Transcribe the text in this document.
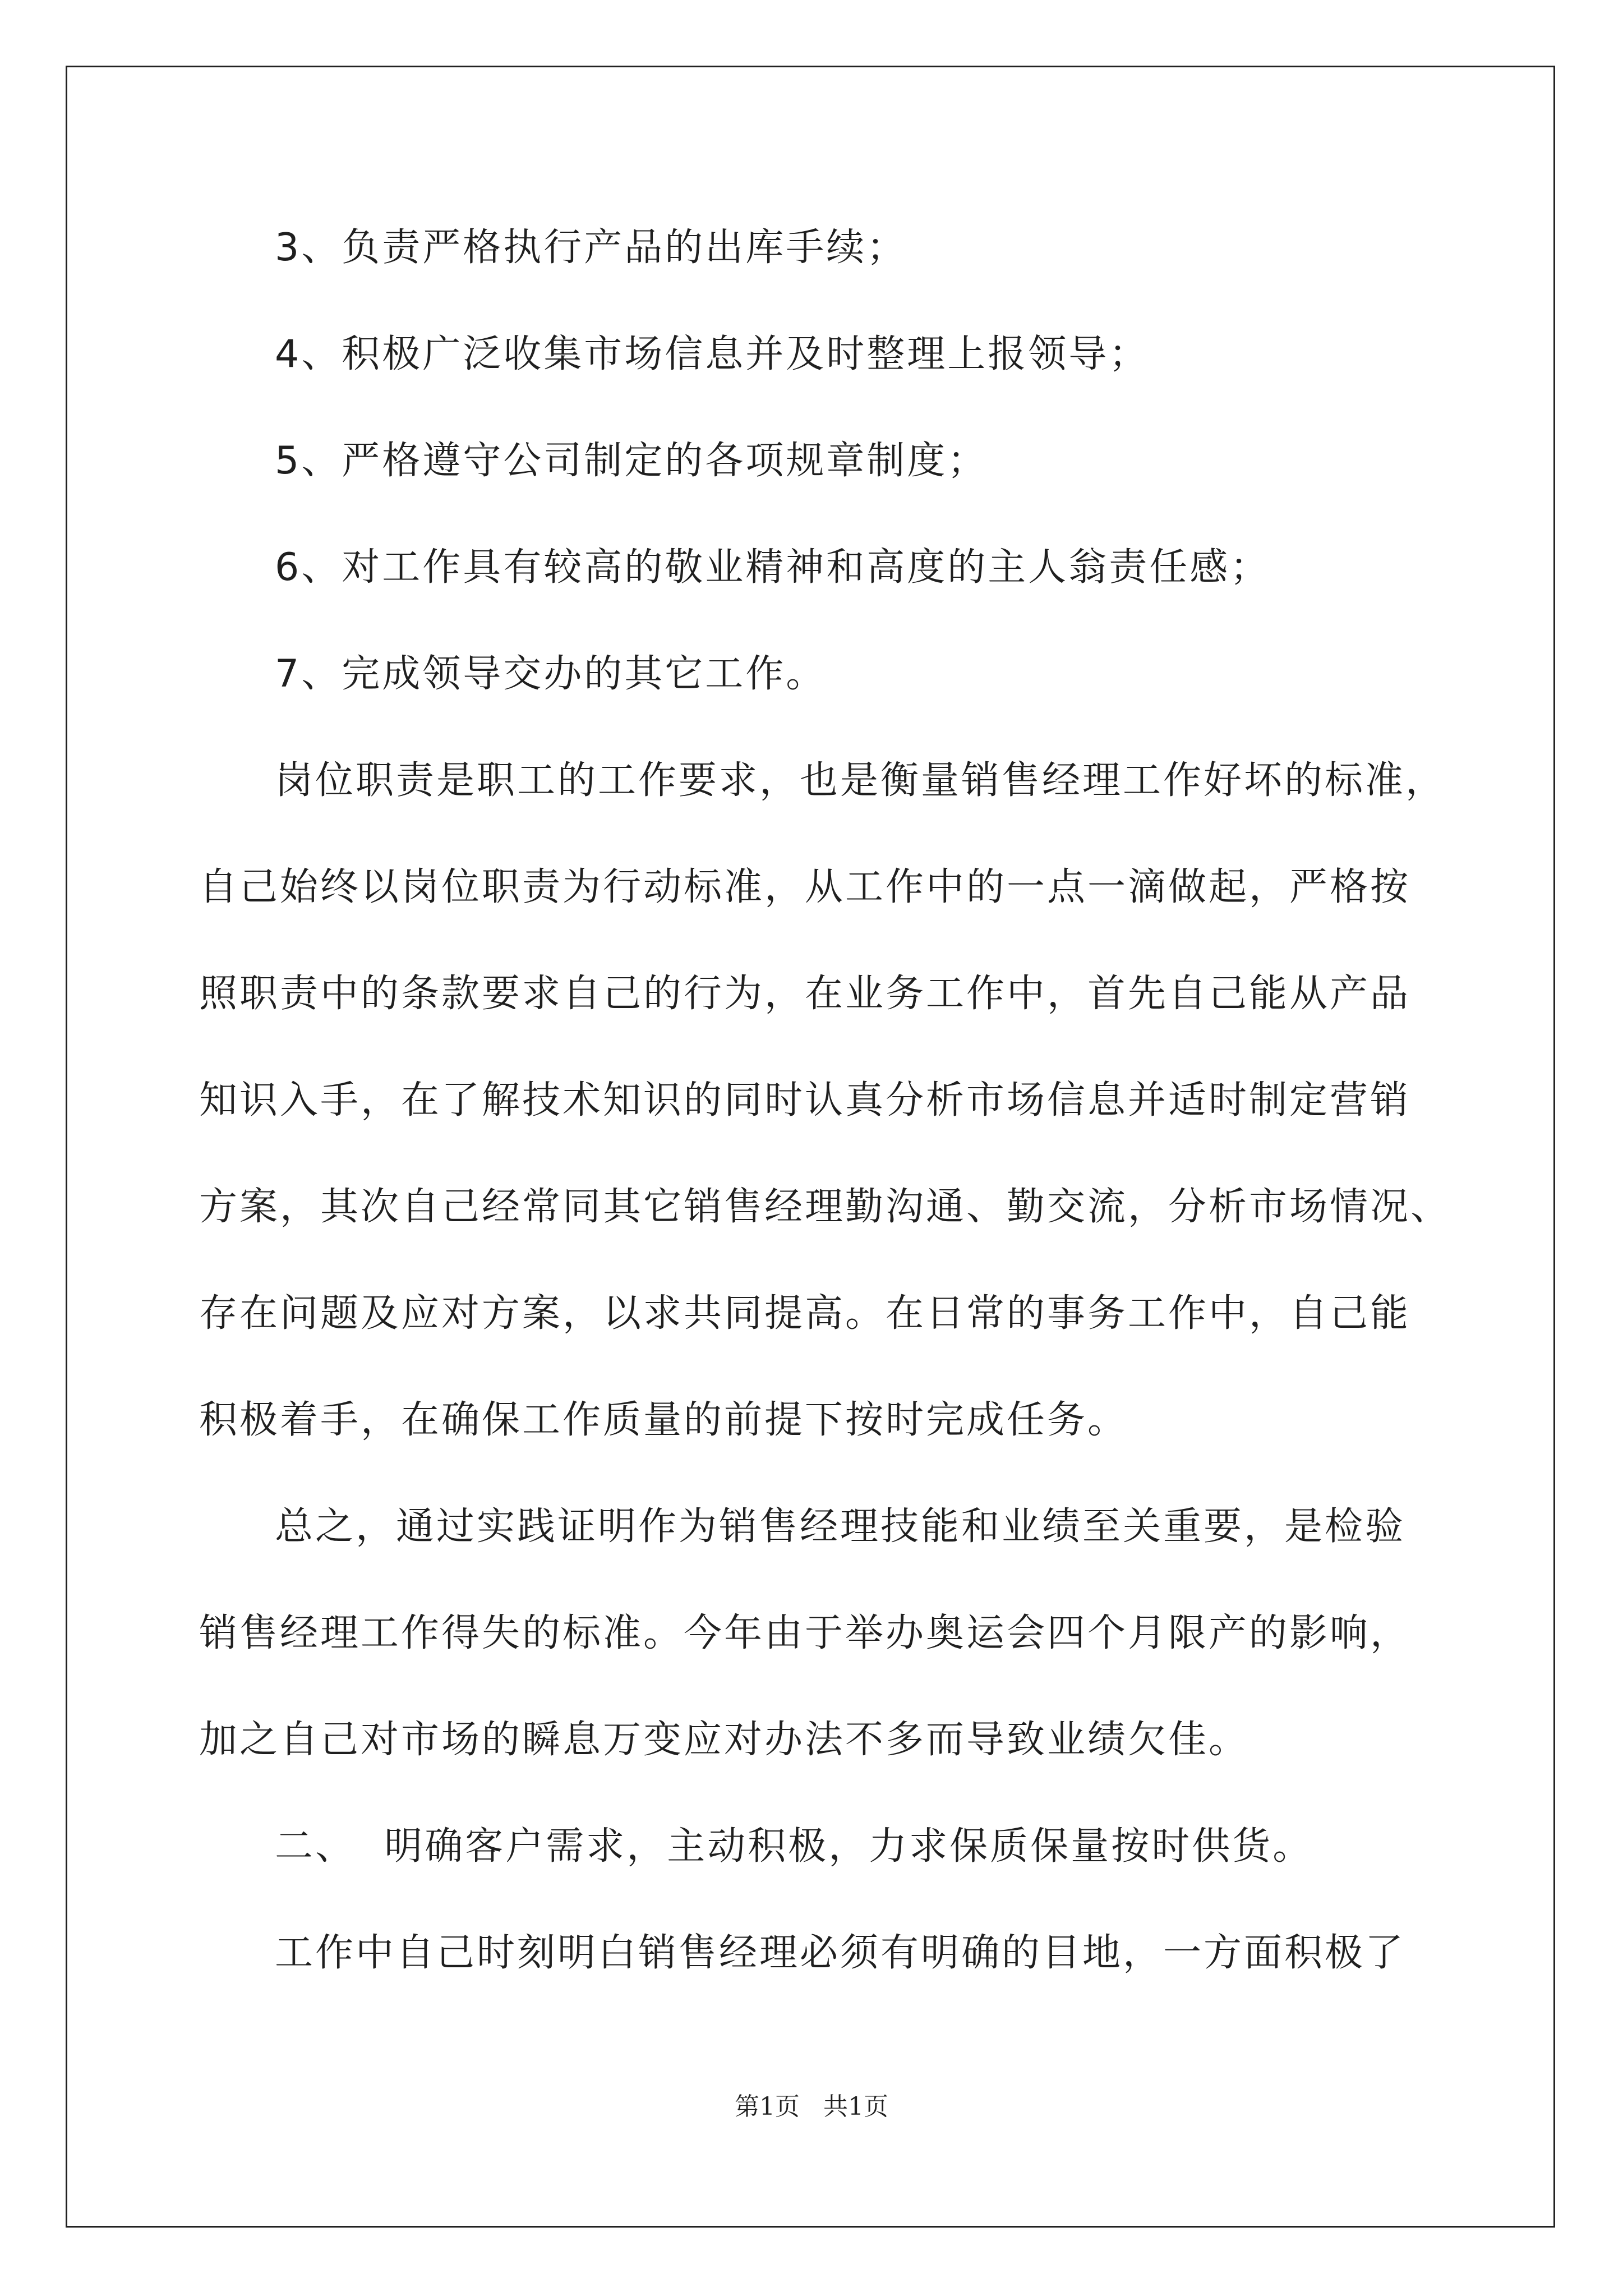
3、负责严格执行产品的出库手续；
4、积极广泛收集市场信息并及时整理上报领导；
5、严格遵守公司制定的各项规章制度；
6、对工作具有较高的敬业精神和高度的主人翁责任感；
7、完成领导交办的其它工作。
岗位职责是职工的工作要求，也是衡量销售经理工作好坏的标准，
自己始终以岗位职责为行动标准，从工作中的一点一滴做起，严格按
照职责中的条款要求自己的行为，在业务工作中，首先自己能从产品
知识入手，在了解技术知识的同时认真分析市场信息并适时制定营销
方案，其次自己经常同其它销售经理勤沟通、勤交流，分析市场情况、
存在问题及应对方案，以求共同提高。在日常的事务工作中，自己能
积极着手，在确保工作质量的前提下按时完成任务。
总之，通过实践证明作为销售经理技能和业绩至关重要，是检验
销售经理工作得失的标准。今年由于举办奥运会四个月限产的影响，
加之自己对市场的瞬息万变应对办法不多而导致业绩欠佳。
二、  明确客户需求，主动积极，力求保质保量按时供货。
工作中自己时刻明白销售经理必须有明确的目地，一方面积极了
第1页   共1页
